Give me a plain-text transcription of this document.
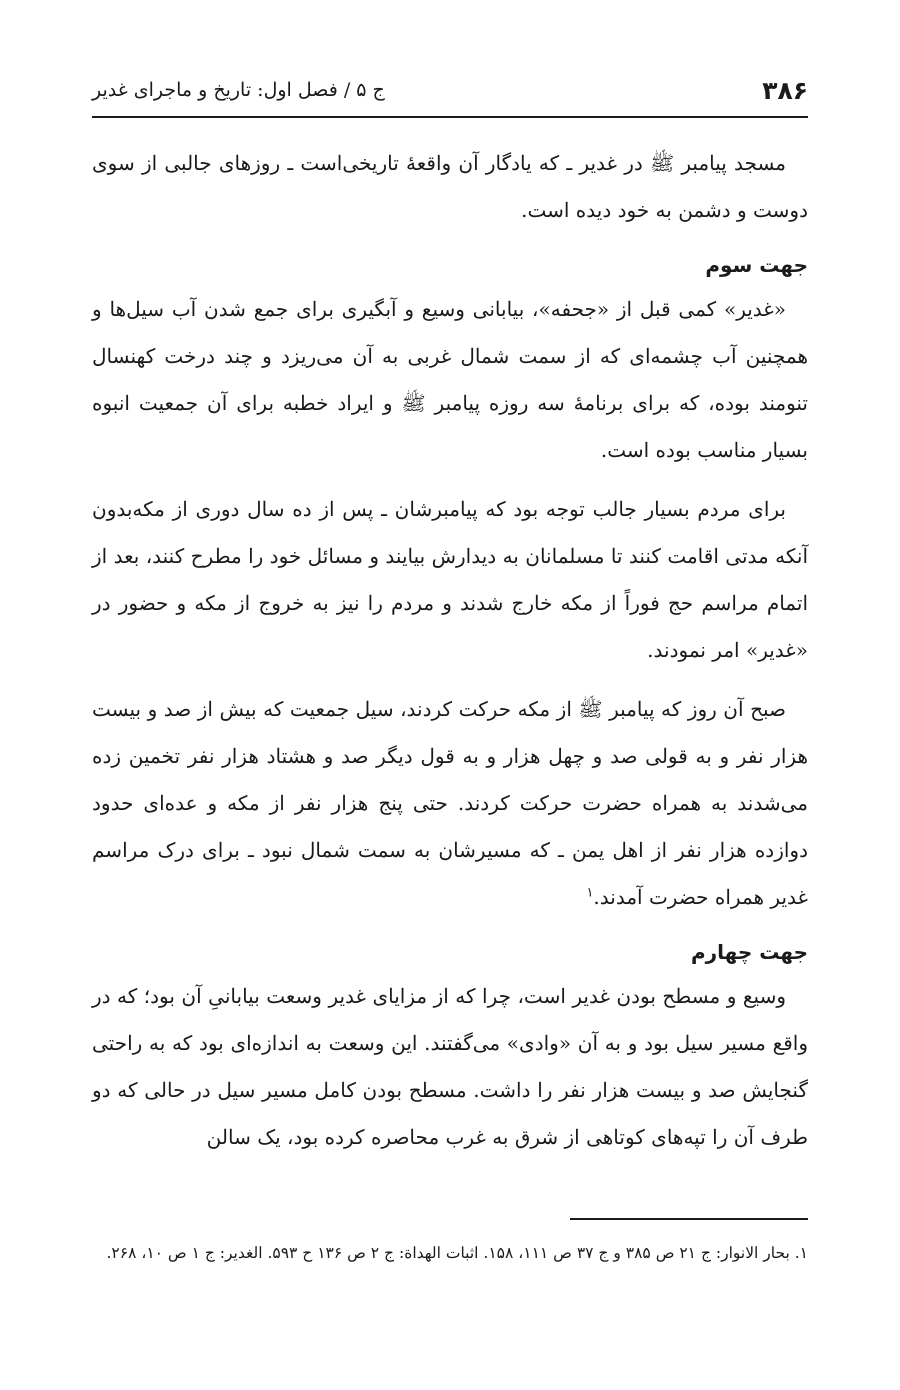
۳۸۶
ج ۵ / فصل اول: تاریخ و ماجرای غدیر

مسجد پیامبر ﷺ در غدیر ـ که یادگار آن واقعهٔ تاریخی‌است ـ روزهای جالبی از سوی دوست و دشمن به خود دیده است.

جهت سوم

«غدیر» کمی قبل از «جحفه»، بیابانی وسیع و آبگیری برای جمع شدن آب سیل‌ها و همچنین آب چشمه‌ای که از سمت شمال غربی به آن می‌ریزد و چند درخت کهنسال تنومند بوده، که برای برنامهٔ سه روزه پیامبر ﷺ و ایراد خطبه برای آن جمعیت انبوه بسیار مناسب بوده است.

برای مردم بسیار جالب توجه بود که پیامبرشان ـ پس از ده سال دوری از مکه‌بدون آنکه مدتی اقامت کنند تا مسلمانان به دیدارش بیایند و مسائل خود را مطرح کنند، بعد از اتمام مراسم حج فوراً از مکه خارج شدند و مردم را نیز به خروج از مکه و حضور در «غدیر» امر نمودند.

صبح آن روز که پیامبر ﷺ از مکه حرکت کردند، سیل جمعیت که بیش از صد و بیست هزار نفر و به قولی صد و چهل هزار و به قول دیگر صد و هشتاد هزار نفر تخمین زده می‌شدند به همراه حضرت حرکت کردند. حتی پنج هزار نفر از مکه و عده‌ای حدود دوازده هزار نفر از اهل یمن ـ که مسیرشان به سمت شمال نبود ـ برای درک مراسم غدیر همراه حضرت آمدند.$^۱$

جهت چهارم

وسیع و مسطح بودن غدیر است، چرا که از مزایای غدیر وسعت بیابانیِ آن بود؛ که در واقع مسیر سیل بود و به آن «وادی» می‌گفتند. این وسعت به اندازه‌ای بود که به راحتی گنجایش صد و بیست هزار نفر را داشت. مسطح بودن کامل مسیر سیل در حالی که دو طرف آن را تپه‌های کوتاهی از شرق به غرب محاصره کرده بود، یک سالن

۱. بحار الانوار: ج ۲۱ ص ۳۸۵ و ج ۳۷ ص ۱۱۱، ۱۵۸. اثبات الهداة: ج ۲ ص ۱۳۶ ح ۵۹۳. الغدیر: ج ۱ ص ۱۰، ۲۶۸.
